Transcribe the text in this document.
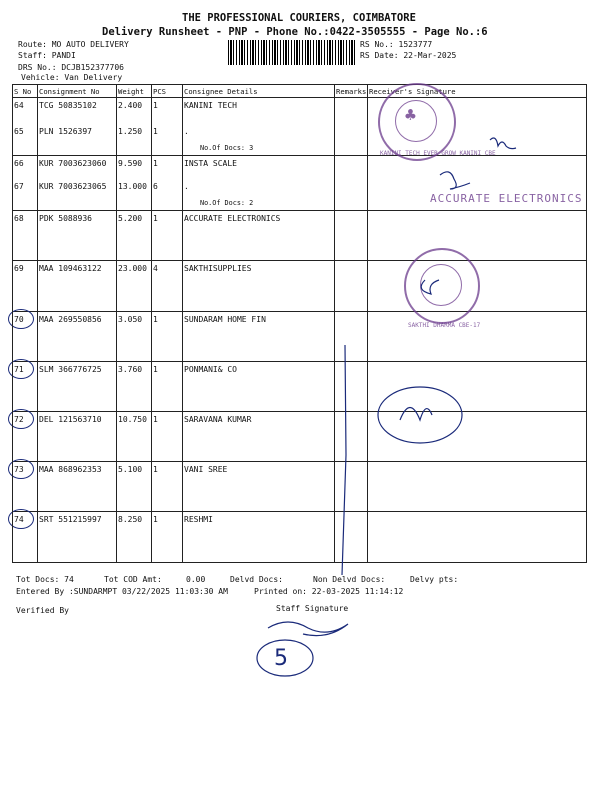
THE PROFESSIONAL COURIERS, COIMBATORE
Delivery Runsheet - PNP - Phone No.:0422-3505555 - Page No.:6
Route: MO AUTO DELIVERY
Staff: PANDI
DRS No.: DCJB152377706
Vehicle: Van Delivery
RS No.: 1523777
RS Date: 22-Mar-2025
S No Consignment No	Weight PCS	Consignee Details	Remarks Receiver's Signature
64 TCG 50835102	2.400 1	KANINI TECH
65 PLN 1526397	1.250 1	.
No.Of Docs: 3
66 KUR 7003623060 9.590 1	INSTA SCALE
67 KUR 7003623065 13.000 6	.
No.Of Docs: 2
68 PDK 5088936	5.200 1	ACCURATE ELECTRONICS
69 MAA 109463122 23.000 4	SAKTHISUPPLIES
70 MAA 269550856 3.050 1	SUNDARAM HOME FIN
71 SLM 366776725 3.760 1	PONMANI& CO
72 DEL 121563710 10.750 1	SARAVANA KUMAR
73 MAA 868962353 5.100 1	VANI SREE
74 SRT 551215997 8.250 1	RESHMI
♣
KANINI TECH EVER GROW KANINI CBE
SAKTHI DHARMA CBE-17
ACCURATE ELECTRONICS
5
Tot Docs: 74	Tot COD Amt:	0.00	Delvd Docs:	Non Delvd Docs:	Delvy pts:
Entered By :SUNDARMPT 03/22/2025 11:03:30 AM	Printed on: 22-03-2025 11:14:12
Verified By	Staff Signature
